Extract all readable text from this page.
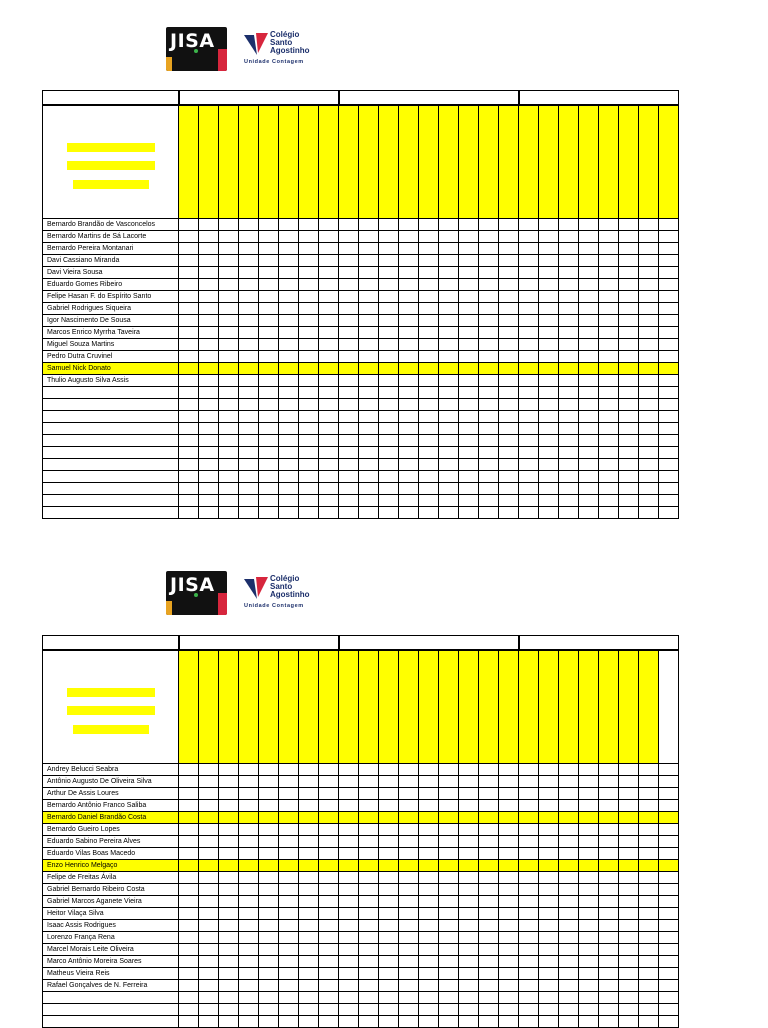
JISA	Colégio
Santo
Agostinho
Unidade Contagem

Bernardo Brandão de Vasconcelos																									
Bernardo Martins de Sá Lacorte																									
Bernardo Pereira Montanari																									
Davi Cassiano Miranda																									
Davi Vieira Sousa																									
Eduardo Gomes Ribeiro																									
Felipe Hasan F. do Espírito Santo																									
Gabriel Rodrigues Siqueira																									
Igor Nascimento De Sousa																									
Marcos Enrico Myrrha Taveira																									
Miguel Souza Martins																									
Pedro Dutra Cruvinel																									
Samuel Nick Donato																									
Thulio Augusto Silva Assis																									

JISA	Colégio
Santo
Agostinho
Unidade Contagem

Andrey Belucci Seabra																									
Antônio Augusto De Oliveira Silva																									
Arthur De Assis Loures																									
Bernardo Antônio Franco Saliba																									
Bernardo Daniel Brandão Costa																									
Bernardo Gueiro Lopes																									
Eduardo Sabino Pereira Alves																									
Eduardo Vilas Boas Macedo																									
Enzo Henrico Melgaço																									
Felipe de Freitas Ávila																									
Gabriel Bernardo Ribeiro Costa																									
Gabriel Marcos Aganete Vieira																									
Heitor Vilaça Silva																									
Isaac Assis Rodrigues																									
Lorenzo França Rena																									
Marcel Morais Leite Oliveira																									
Marco Antônio Moreira Soares																									
Matheus Vieira Reis																									
Rafael Gonçalves de N. Ferreira																									
